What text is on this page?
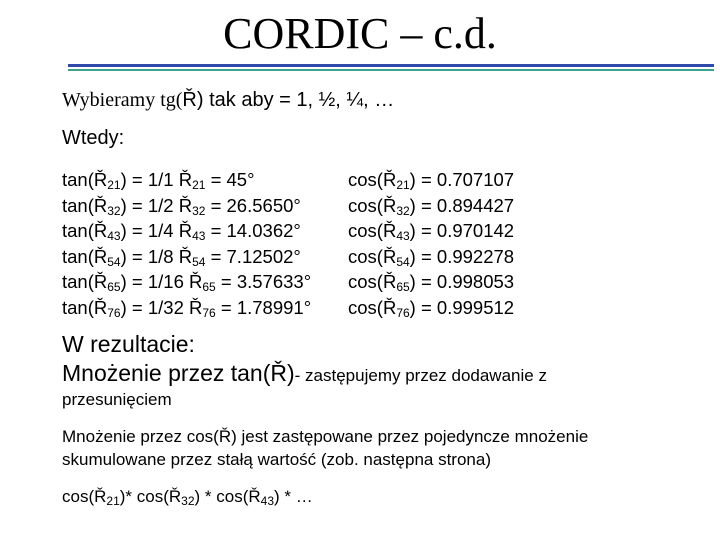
CORDIC – c.d.
Wybieramy tg(Ř) tak aby = 1, ½, ¼, …
Wtedy:
$\tan(Ř_{21}) = 1/1$ $Ř_{21} = 45^\circ$
$\tan(Ř_{32}) = 1/2$ $Ř_{32} = 26.5650^\circ$
$\tan(Ř_{43}) = 1/4$ $Ř_{43} = 14.0362^\circ$
$\tan(Ř_{54}) = 1/8$ $Ř_{54} = 7.12502^\circ$
$\tan(Ř_{65}) = 1/16$ $Ř_{65} = 3.57633^\circ$
$\tan(Ř_{76}) = 1/32$ $Ř_{76} = 1.78991^\circ$
$\cos(Ř_{21}) = 0.707107$
$\cos(Ř_{32}) = 0.894427$
$\cos(Ř_{43}) = 0.970142$
$\cos(Ř_{54}) = 0.992278$
$\cos(Ř_{65}) = 0.998053$
$\cos(Ř_{76}) = 0.999512$
W rezultacie:
Mnożenie przez tan(Ř)- zastępujemy przez dodawanie z
przesunięciem
Mnożenie przez cos(Ř) jest zastępowane przez pojedyncze mnożenie
skumulowane przez stałą wartość (zob. następna strona)
$\cos(Ř_{21})*$ $\cos(Ř_{32})$ * $\cos(Ř_{43})$ * …
